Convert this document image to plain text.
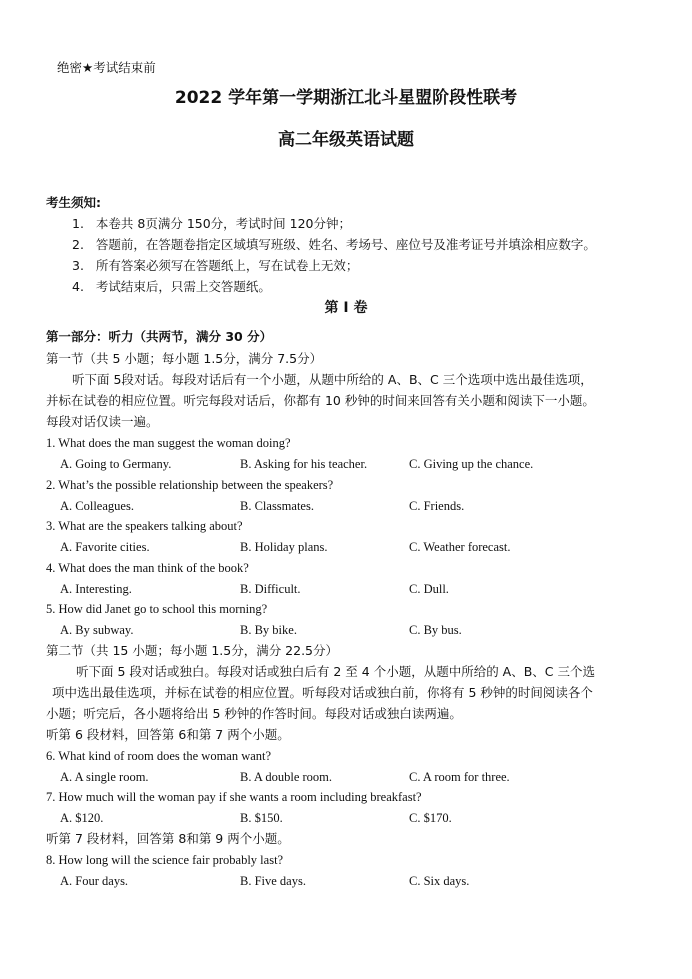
绝密★考试结束前
2022 学年第一学期浙江北斗星盟阶段性联考
高二年级英语试题
考生须知:
1. 本卷共 8页满分 150分，考试时间 120分钟；
2. 答题前，在答题卷指定区域填写班级、姓名、考场号、座位号及准考证号并填涂相应数字。
3. 所有答案必须写在答题纸上，写在试卷上无效；
4. 考试结束后，只需上交答题纸。
第 I 卷
第一部分：听力（共两节，满分 30 分）
第一节（共 5 小题；每小题 1.5分，满分 7.5分）
听下面 5段对话。每段对话后有一个小题，从题中所给的 A、B、C 三个选项中选出最佳选项，
并标在试卷的相应位置。听完每段对话后，你都有 10 秒钟的时间来回答有关小题和阅读下一小题。
每段对话仅读一遍。
1. What does the man suggest the woman doing?
A. Going to Germany.	B. Asking for his teacher.	C. Giving up the chance.
2. What’s the possible relationship between the speakers?
A. Colleagues.	B. Classmates.	C. Friends.
3. What are the speakers talking about?
A. Favorite cities.	B. Holiday plans.	C. Weather forecast.
4. What does the man think of the book?
A. Interesting.	B. Difficult.	C. Dull.
5. How did Janet go to school this morning?
A. By subway.	B. By bike.	C. By bus.
第二节（共 15 小题；每小题 1.5分，满分 22.5分）
听下面 5 段对话或独白。每段对话或独白后有 2 至 4 个小题，从题中所给的 A、B、C 三个选
项中选出最佳选项，并标在试卷的相应位置。听每段对话或独白前，你将有 5 秒钟的时间阅读各个
小题；听完后，各小题将给出 5 秒钟的作答时间。每段对话或独白读两遍。
听第 6 段材料，回答第 6和第 7 两个小题。
6. What kind of room does the woman want?
A. A single room.	B. A double room.	C. A room for three.
7. How much will the woman pay if she wants a room including breakfast?
A. $120.	B. $150.	C. $170.
听第 7 段材料，回答第 8和第 9 两个小题。
8. How long will the science fair probably last?
A. Four days.	B. Five days.	C. Six days.
